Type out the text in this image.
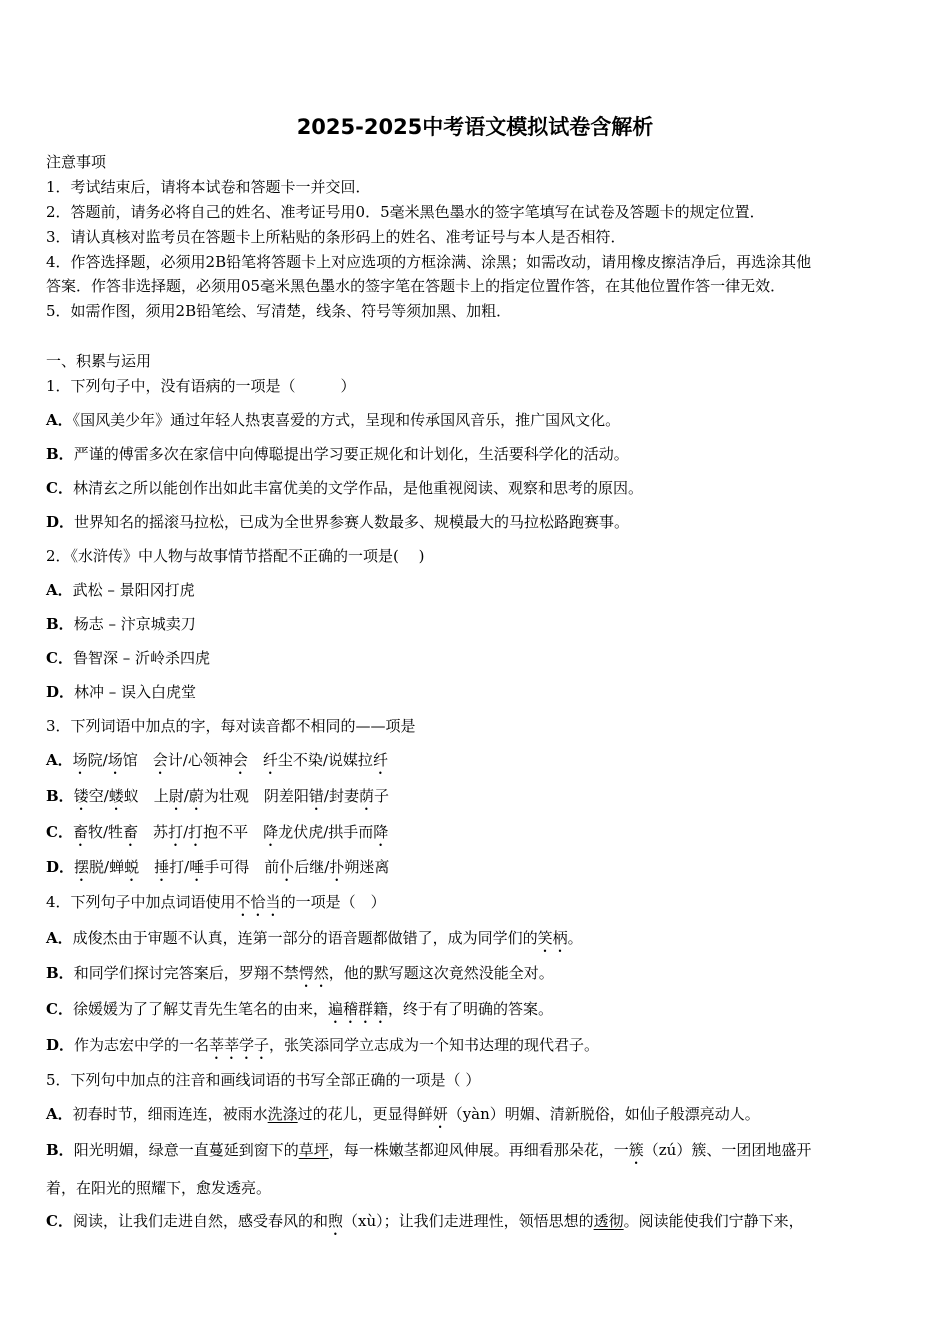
2025-2025中考语文模拟试卷含解析
注意事项
1．考试结束后，请将本试卷和答题卡一并交回．
2．答题前，请务必将自己的姓名、准考证号用0．5毫米黑色墨水的签字笔填写在试卷及答题卡的规定位置．
3．请认真核对监考员在答题卡上所粘贴的条形码上的姓名、准考证号与本人是否相符．
4．作答选择题，必须用2B铅笔将答题卡上对应选项的方框涂满、涂黑；如需改动，请用橡皮擦洁净后，再选涂其他
答案．作答非选择题，必须用05毫米黑色墨水的签字笔在答题卡上的指定位置作答，在其他位置作答一律无效．
5．如需作图，须用2B铅笔绘、写清楚，线条、符号等须加黑、加粗．
一、积累与运用
1．下列句子中，没有语病的一项是（　　　）
A．《国风美少年》通过年轻人热衷喜爱的方式，呈现和传承国风音乐，推广国风文化。
B．严谨的傅雷多次在家信中向傅聪提出学习要正规化和计划化，生活要科学化的活动。
C．林清玄之所以能创作出如此丰富优美的文学作品，是他重视阅读、观察和思考的原因。
D．世界知名的摇滚马拉松，已成为全世界参赛人数最多、规模最大的马拉松路跑赛事。
2．《水浒传》中人物与故事情节搭配不正确的一项是(　 )
A．武松 – 景阳冈打虎
B．杨志 – 汴京城卖刀
C．鲁智深 – 沂岭杀四虎
D．林冲 – 误入白虎堂
3．下列词语中加点的字，每对读音都不相同的——项是
A．场院/场馆　会计/心领神会　 纤尘不染/说媒拉纤
B．镂空/蝼蚁　上尉/蔚为壮观　阴差阳错/封妻荫子
C．畜牧/牲畜　苏打/打抱不平　降龙伏虎/拱手而降
D．摆脱/蝉蜕　 捶打/唾手可得　前仆后继/扑朔迷离
4．下列句子中加点词语使用不恰当的一项是（　）
A．成俊杰由于审题不认真，连第一部分的语音题都做错了，成为同学们的笑柄。
B．和同学们探讨完答案后，罗翔不禁愕然，他的默写题这次竟然没能全对。
C．徐媛媛为了了解艾青先生笔名的由来，遍稽群籍，终于有了明确的答案。
D．作为志宏中学的一名莘莘学子，张笑添同学立志成为一个知书达理的现代君子。
5．下列句中加点的注音和画线词语的书写全部正确的一项是（ ）
A．初春时节，细雨连连，被雨水洗涤过的花儿，更显得鲜妍（yàn）明媚、清新脱俗，如仙子般漂亮动人。
B．阳光明媚，绿意一直蔓延到窗下的草坪，每一株嫩茎都迎风伸展。再细看那朵花，一簇（zú）簇、一团团地盛开
着，在阳光的照耀下，愈发透亮。
C．阅读，让我们走进自然，感受春风的和煦（xù）；让我们走进理性，领悟思想的透彻。阅读能使我们宁静下来，
